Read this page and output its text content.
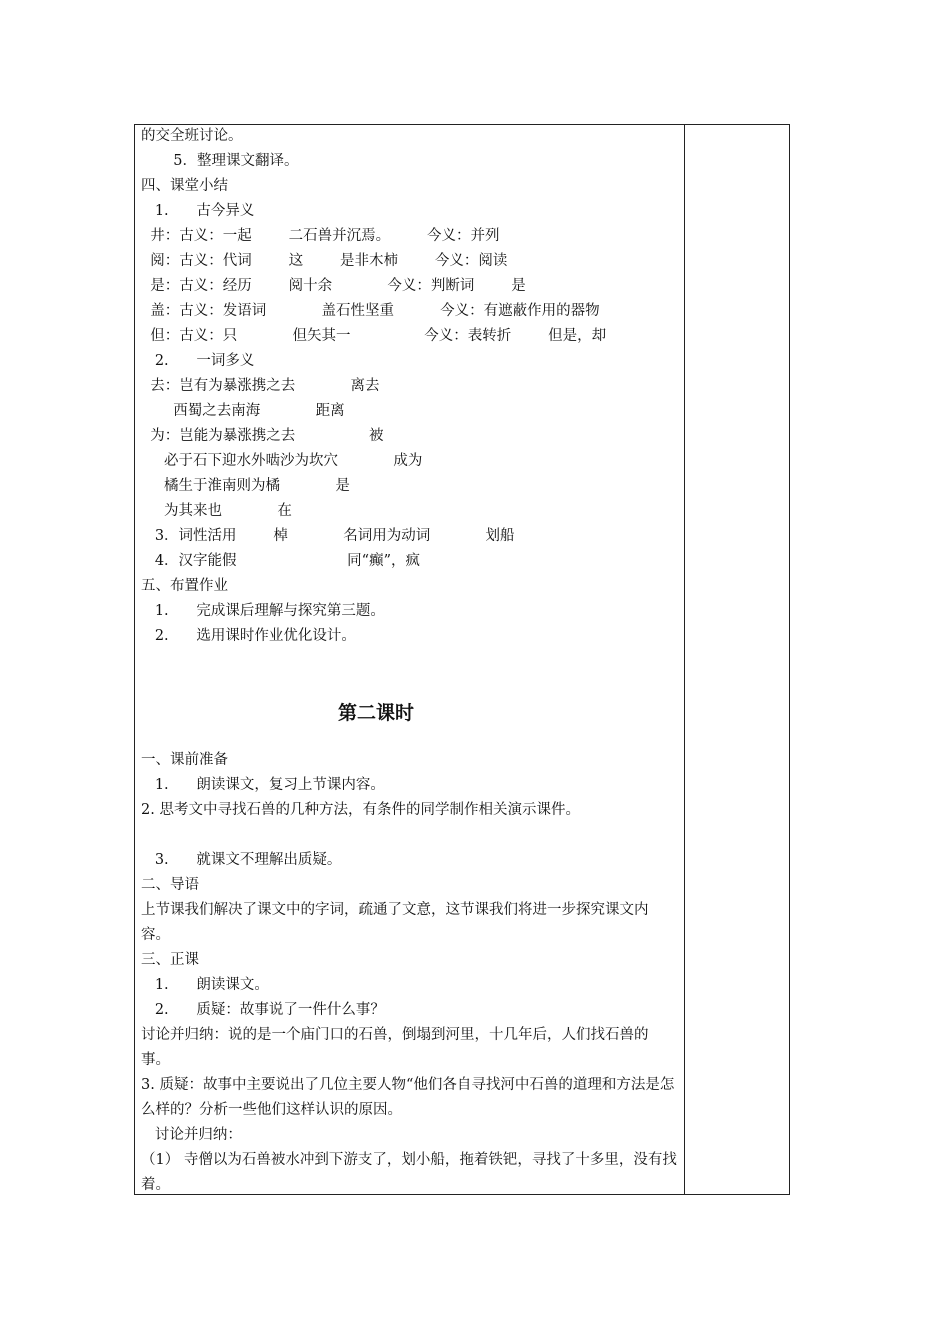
的交全班讨论。
5．整理课文翻译。
四、课堂小结
1.      古今异义
井：古义：一起        二石兽并沉焉。        今义：并列
阅：古义：代词        这        是非木柿        今义：阅读
是：古义：经历        阅十余            今义：判断词        是
盖：古义：发语词            盖石性坚重          今义：有遮蔽作用的器物
但：古义：只            但矢其一                今义：表转折        但是，却
2.      一词多义
去：岂有为暴涨携之去            离去
西蜀之去南海            距离
为：岂能为暴涨携之去                被
必于石下迎水外啮沙为坎穴            成为
橘生于淮南则为橘            是
为其来也            在
3．词性活用        棹            名词用为动词            划船
4．汉字能假                        同“癫”，疯
五、布置作业
1.      完成课后理解与探究第三题。
2.      选用课时作业优化设计。
第二课时
一、课前准备
1.      朗读课文，复习上节课内容。
2. 思考文中寻找石兽的几种方法，有条件的同学制作相关演示课件。
3.      就课文不理解出质疑。
二、导语
上节课我们解决了课文中的字词，疏通了文意，这节课我们将进一步探究课文内容。
三、正课
1.      朗读课文。
2.      质疑：故事说了一件什么事？
讨论并归纳：说的是一个庙门口的石兽，倒塌到河里，十几年后，人们找石兽的事。
3. 质疑：故事中主要说出了几位主要人物“他们各自寻找河中石兽的道理和方法是怎么样的？分析一些他们这样认识的原因。
讨论并归纳：
（1） 寺僧以为石兽被水冲到下游支了，划小船，拖着铁钯，寻找了十多里，没有找着。
